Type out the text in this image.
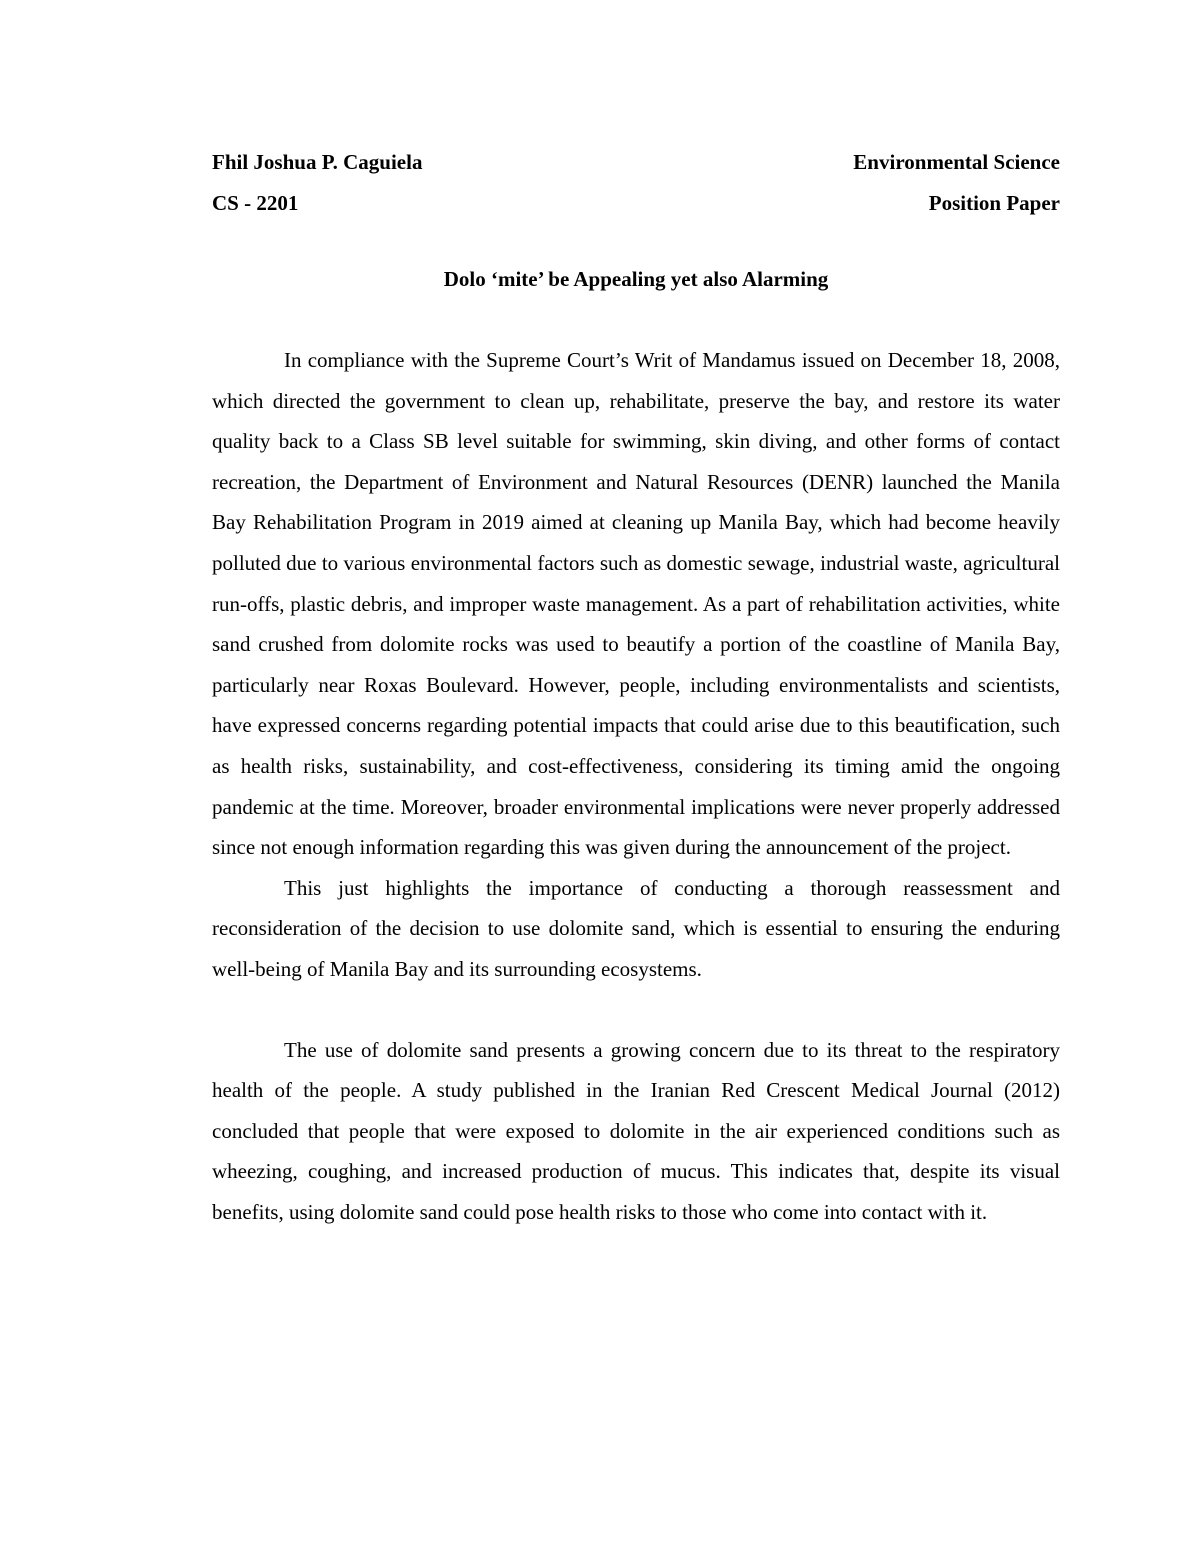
Fhil Joshua P. Caguiela	Environmental Science
CS - 2201	Position Paper
Dolo ‘mite’ be Appealing yet also Alarming

In compliance with the Supreme Court’s Writ of Mandamus issued on December 18, 2008, which directed the government to clean up, rehabilitate, preserve the bay, and restore its water quality back to a Class SB level suitable for swimming, skin diving, and other forms of contact recreation, the Department of Environment and Natural Resources (DENR) launched the Manila Bay Rehabilitation Program in 2019 aimed at cleaning up Manila Bay, which had become heavily polluted due to various environmental factors such as domestic sewage, industrial waste, agricultural run-offs, plastic debris, and improper waste management. As a part of rehabilitation activities, white sand crushed from dolomite rocks was used to beautify a portion of the coastline of Manila Bay, particularly near Roxas Boulevard. However, people, including environmentalists and scientists, have expressed concerns regarding potential impacts that could arise due to this beautification, such as health risks, sustainability, and cost-effectiveness, considering its timing amid the ongoing pandemic at the time. Moreover, broader environmental implications were never properly addressed since not enough information regarding this was given during the announcement of the project.

This just highlights the importance of conducting a thorough reassessment and reconsideration of the decision to use dolomite sand, which is essential to ensuring the enduring well-being of Manila Bay and its surrounding ecosystems.

The use of dolomite sand presents a growing concern due to its threat to the respiratory health of the people. A study published in the Iranian Red Crescent Medical Journal (2012) concluded that people that were exposed to dolomite in the air experienced conditions such as wheezing, coughing, and increased production of mucus. This indicates that, despite its visual benefits, using dolomite sand could pose health risks to those who come into contact with it.
